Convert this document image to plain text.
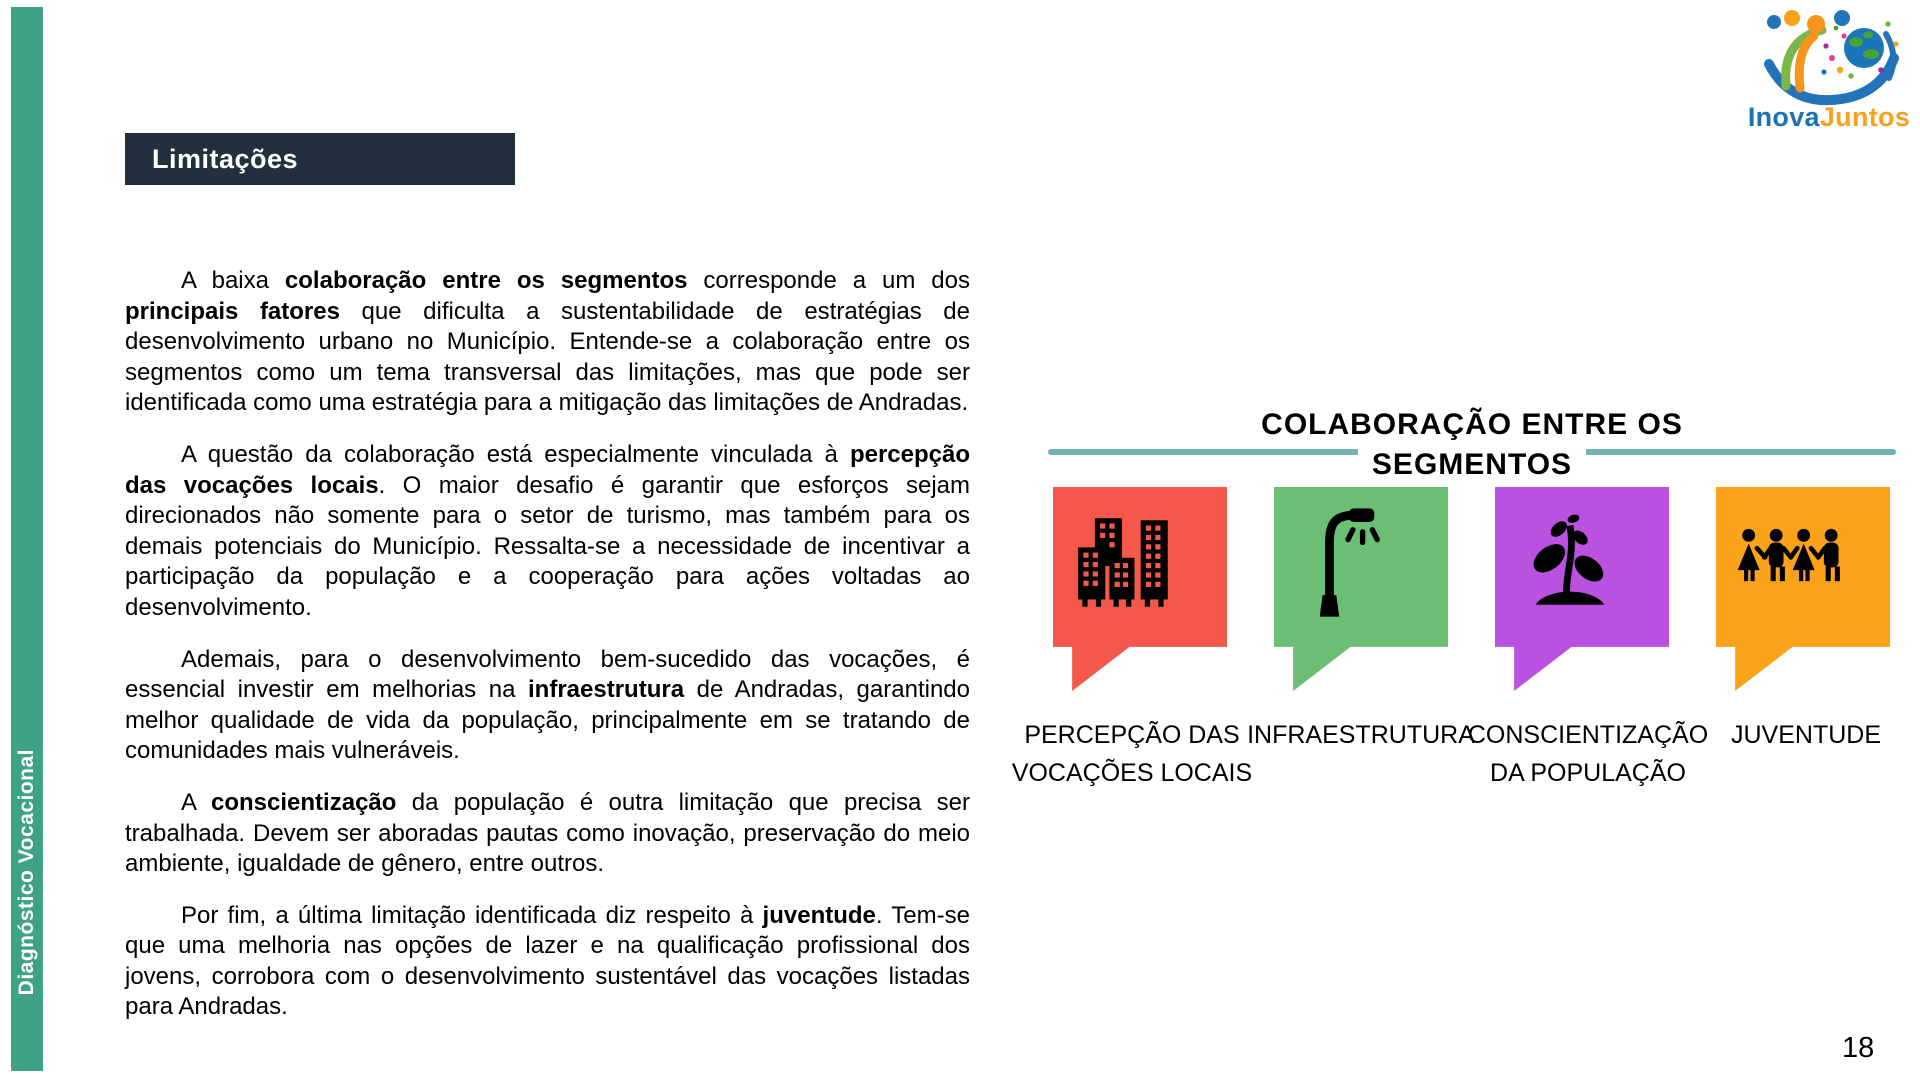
Diagnóstico Vocacional
Limitações

A baixa colaboração entre os segmentos corresponde a um dos principais fatores que dificulta a sustentabilidade de estratégias de desenvolvimento urbano no Município. Entende-se a colaboração entre os segmentos como um tema transversal das limitações, mas que pode ser identificada como uma estratégia para a mitigação das limitações de Andradas.

A questão da colaboração está especialmente vinculada à percepção das vocações locais. O maior desafio é garantir que esforços sejam direcionados não somente para o setor de turismo, mas também para os demais potenciais do Município. Ressalta-se a necessidade de incentivar a participação da população e a cooperação para ações voltadas ao desenvolvimento.

Ademais, para o desenvolvimento bem-sucedido das vocações, é essencial investir em melhorias na infraestrutura de Andradas, garantindo melhor qualidade de vida da população, principalmente em se tratando de comunidades mais vulneráveis.

A conscientização da população é outra limitação que precisa ser trabalhada. Devem ser aboradas pautas como inovação, preservação do meio ambiente, igualdade de gênero, entre outros.

Por fim, a última limitação identificada diz respeito à juventude. Tem-se que uma melhoria nas opções de lazer e na qualificação profissional dos jovens, corrobora com o desenvolvimento sustentável das vocações listadas para Andradas.

COLABORAÇÃO ENTRE OS
SEGMENTOS
PERCEPÇÃO DAS
VOCAÇÕES LOCAIS
INFRAESTRUTURA
CONSCIENTIZAÇÃO
DA POPULAÇÃO
JUVENTUDE
InovaJuntos
18
